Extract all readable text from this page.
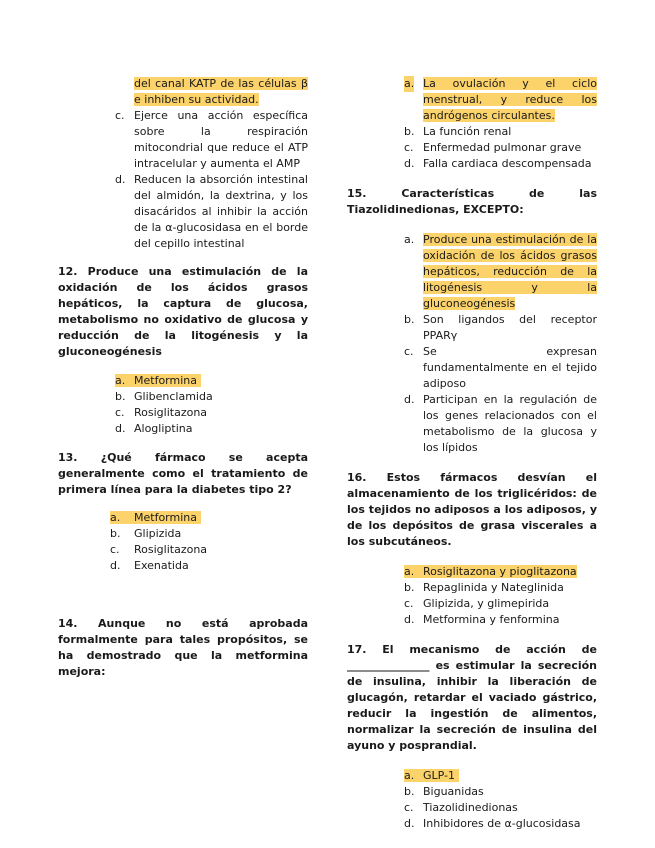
del canal KATP de las células β e inhiben su actividad.
c. Ejerce una acción específica sobre la respiración mitocondrial que reduce el ATP intracelular y aumenta el AMP
d. Reducen la absorción intestinal del almidón, la dextrina, y los disacáridos al inhibir la acción de la α-glucosidasa en el borde del cepillo intestinal

12. Produce una estimulación de la oxidación de los ácidos grasos hepáticos, la captura de glucosa, metabolismo no oxidativo de glucosa y reducción de la litogénesis y la gluconeogénesis

a. Metformina
b. Glibenclamida
c. Rosiglitazona
d. Alogliptina

13. ¿Qué fármaco se acepta generalmente como el tratamiento de primera línea para la diabetes tipo 2?

a. Metformina
b. Glipizida
c. Rosiglitazona
d. Exenatida

14. Aunque no está aprobada formalmente para tales propósitos, se ha demostrado que la metformina mejora:

a. La ovulación y el ciclo menstrual, y reduce los andrógenos circulantes.
b. La función renal
c. Enfermedad pulmonar grave
d. Falla cardiaca descompensada

15. Características de las Tiazolidinedionas, EXCEPTO:

a. Produce una estimulación de la oxidación de los ácidos grasos hepáticos, reducción de la litogénesis y la gluconeogénesis
b. Son ligandos del receptor PPARγ
c. Se expresan fundamentalmente en el tejido adiposo
d. Participan en la regulación de los genes relacionados con el metabolismo de la glucosa y los lípidos

16. Estos fármacos desvían el almacenamiento de los triglicéridos: de los tejidos no adiposos a los adiposos, y de los depósitos de grasa viscerales a los subcutáneos.

a. Rosiglitazona y pioglitazona
b. Repaglinida y Nateglinida
c. Glipizida, y glimepirida
d. Metformina y fenformina

17. El mecanismo de acción de _______________ es estimular la secreción de insulina, inhibir la liberación de glucagón, retardar el vaciado gástrico, reducir la ingestión de alimentos, normalizar la secreción de insulina del ayuno y posprandial.

a. GLP-1
b. Biguanidas
c. Tiazolidinedionas
d. Inhibidores de α-glucosidasa
